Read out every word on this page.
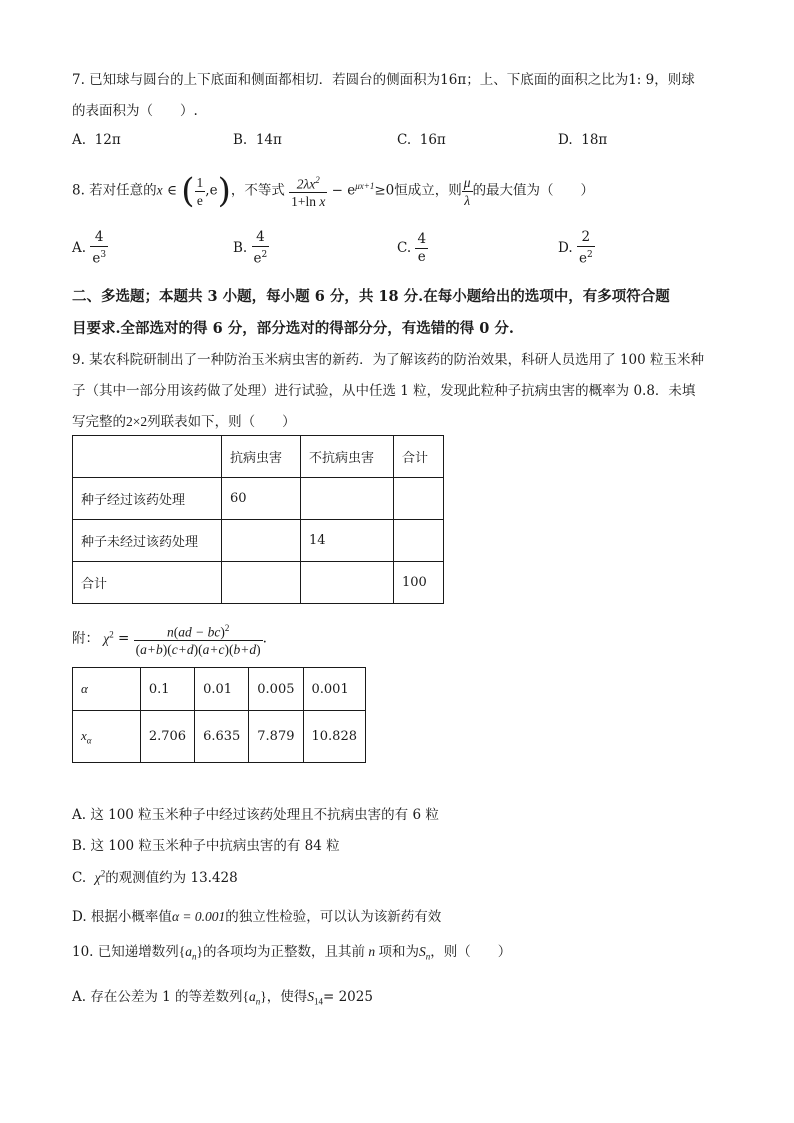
7. 已知球与圆台的上下底面和侧面都相切．若圆台的侧面积为16π；上、下底面的面积之比为1: 9，则球
的表面积为（　　）.
A. 12π	B. 14π	C. 16π	D. 18π
8. 若对任意的x ∈ ( $\frac{1}{e} ,e$)，不等式 $\frac{2\lambda x^2}{\text{1+ln x}} - e^{\mu x+1}\ge 0$恒成立，则 $\frac{\mu}{\lambda}$ 的最大值为（　　）
A. $\frac{4}{e^3}$	B. $\frac{4}{e^2}$	C. $\frac{4}{e}$	D. $\frac{2}{e^2}$
二、多选题；本题共 3 小题，每小题 6 分，共 18 分.在每小题给出的选项中，有多项符合题
目要求.全部选对的得 6 分，部分选对的得部分分，有选错的得 0 分.
9. 某农科院研制出了一种防治玉米病虫害的新药．为了解该药的防治效果，科研人员选用了 100 粒玉米种
子（其中一部分用该药做了处理）进行试验，从中任选 1 粒，发现此粒种子抗病虫害的概率为 0.8．未填
写完整的2×2列联表如下，则（　　）
	抗病虫害	不抗病虫害	合计
种子经过该药处理	60		
种子未经过该药处理		14	
合计			100
附： $\chi^2 = \frac{n(ad - bc)^2}{(a+b)(c+d)(a+c)(b+d)}$ .
α	0.1	0.01	0.005	0.001
$x_\alpha$	2.706	6.635	7.879	10.828
A. 这 100 粒玉米种子中经过该药处理且不抗病虫害的有 6 粒
B. 这 100 粒玉米种子中抗病虫害的有 84 粒
C. $\chi^2$的观测值约为 13.428
D. 根据小概率值α = 0.001的独立性检验，可以认为该新药有效
10. 已知递增数列$\{a_n\}$的各项均为正整数，且其前 n 项和为$S_n$，则（　　）
A. 存在公差为 1 的等差数列$\{a_n\}$，使得$S_{14}= 2025$
